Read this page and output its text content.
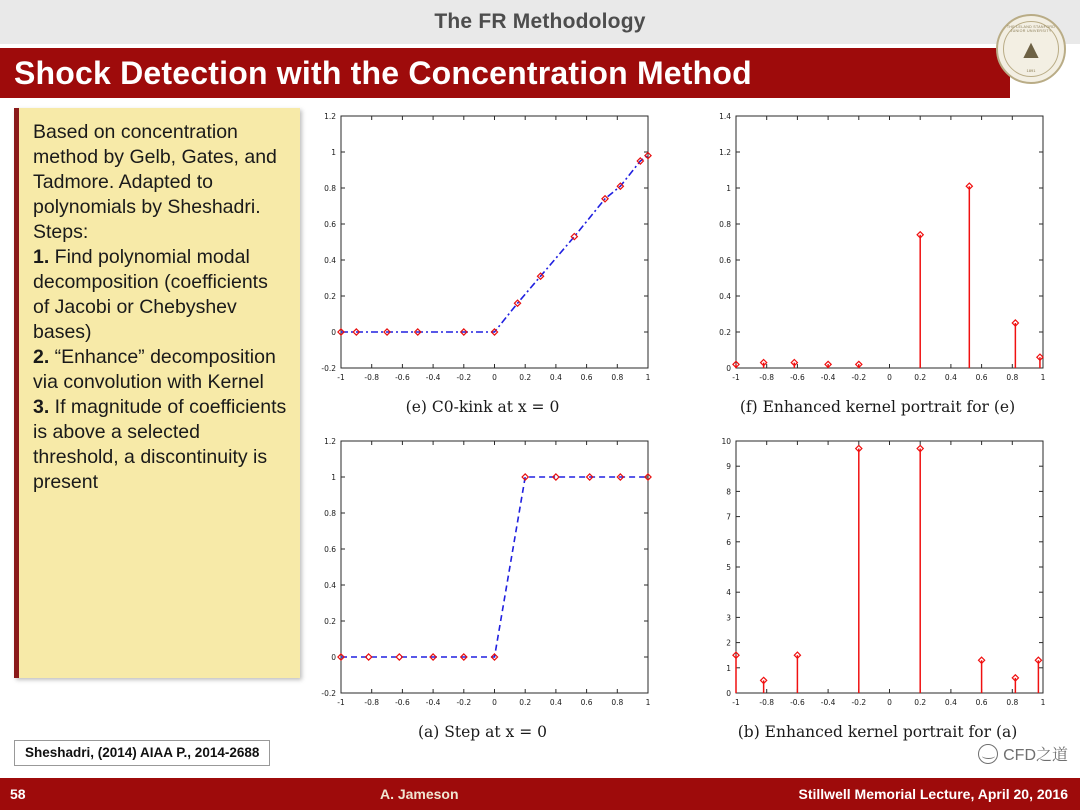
The FR Methodology
Shock Detection with the Concentration Method
THE LELAND STANFORD JUNIOR UNIVERSITY
▲
1891

Based on concentration method by Gelb, Gates, and Tadmore. Adapted to polynomials by Sheshadri.

Steps:

1. Find polynomial modal decomposition (coefficients of Jacobi or Chebyshev bases)

2. “Enhance” decomposition via convolution with Kernel

3. If magnitude of coefficients is above a selected threshold, a discontinuity is present

-1	-0.8 -0.6 -0.4 -0.2	0	0.2	0.4	0.6	0.8	1
-0.2
0
0.2
0.4
0.6
0.8
1
1.2
(e) C0-kink at x = 0
-1	-0.8 -0.6 -0.4 -0.2	0	0.2	0.4	0.6	0.8	1
0
0.2
0.4
0.6
0.8
1
1.2
1.4
(f) Enhanced kernel portrait for (e)
-1	-0.8 -0.6 -0.4 -0.2	0	0.2	0.4	0.6	0.8	1
-0.2
0
0.2
0.4
0.6
0.8
1
1.2
(a) Step at x = 0
-1	-0.8 -0.6 -0.4 -0.2	0	0.2	0.4	0.6	0.8	1
0
1
2
3
4
5
6
7
8
9
10
(b) Enhanced kernel portrait for (a)
Sheshadri, (2014) AIAA P., 2014-2688	CFD之道
58	A. Jameson	Stillwell Memorial Lecture, April 20, 2016
